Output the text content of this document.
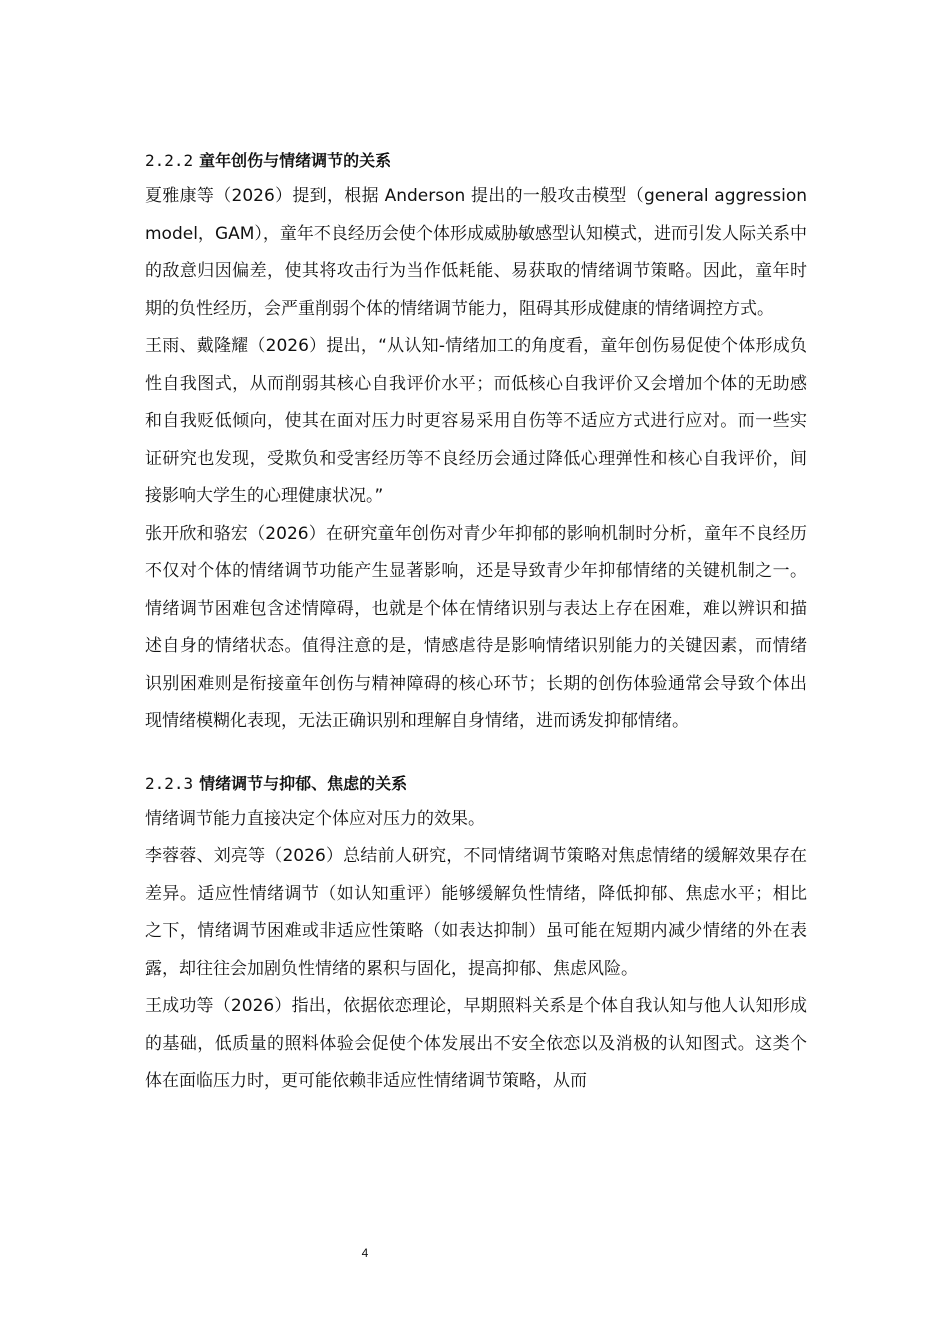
2.2.2 童年创伤与情绪调节的关系

夏雅康等（2026）提到，根据 Anderson 提出的一般攻击模型（general aggression model，GAM），童年不良经历会使个体形成威胁敏感型认知模式，进而引发人际关系中的敌意归因偏差，使其将攻击行为当作低耗能、易获取的情绪调节策略。因此，童年时期的负性经历，会严重削弱个体的情绪调节能力，阻碍其形成健康的情绪调控方式。

王雨、戴隆耀（2026）提出，“从认知-情绪加工的角度看，童年创伤易促使个体形成负性自我图式，从而削弱其核心自我评价水平；而低核心自我评价又会增加个体的无助感和自我贬低倾向，使其在面对压力时更容易采用自伤等不适应方式进行应对。而一些实证研究也发现，受欺负和受害经历等不良经历会通过降低心理弹性和核心自我评价，间接影响大学生的心理健康状况。”

张开欣和骆宏（2026）在研究童年创伤对青少年抑郁的影响机制时分析，童年不良经历不仅对个体的情绪调节功能产生显著影响，还是导致青少年抑郁情绪的关键机制之一。情绪调节困难包含述情障碍，也就是个体在情绪识别与表达上存在困难，难以辨识和描述自身的情绪状态。值得注意的是，情感虐待是影响情绪识别能力的关键因素，而情绪识别困难则是衔接童年创伤与精神障碍的核心环节；长期的创伤体验通常会导致个体出现情绪模糊化表现，无法正确识别和理解自身情绪，进而诱发抑郁情绪。

2.2.3 情绪调节与抑郁、焦虑的关系

情绪调节能力直接决定个体应对压力的效果。

李蓉蓉、刘亮等（2026）总结前人研究，不同情绪调节策略对焦虑情绪的缓解效果存在差异。适应性情绪调节（如认知重评）能够缓解负性情绪，降低抑郁、焦虑水平；相比之下，情绪调节困难或非适应性策略（如表达抑制）虽可能在短期内减少情绪的外在表露，却往往会加剧负性情绪的累积与固化，提高抑郁、焦虑风险。

王成功等（2026）指出，依据依恋理论，早期照料关系是个体自我认知与他人认知形成的基础，低质量的照料体验会促使个体发展出不安全依恋以及消极的认知图式。这类个体在面临压力时，更可能依赖非适应性情绪调节策略，从而

4
